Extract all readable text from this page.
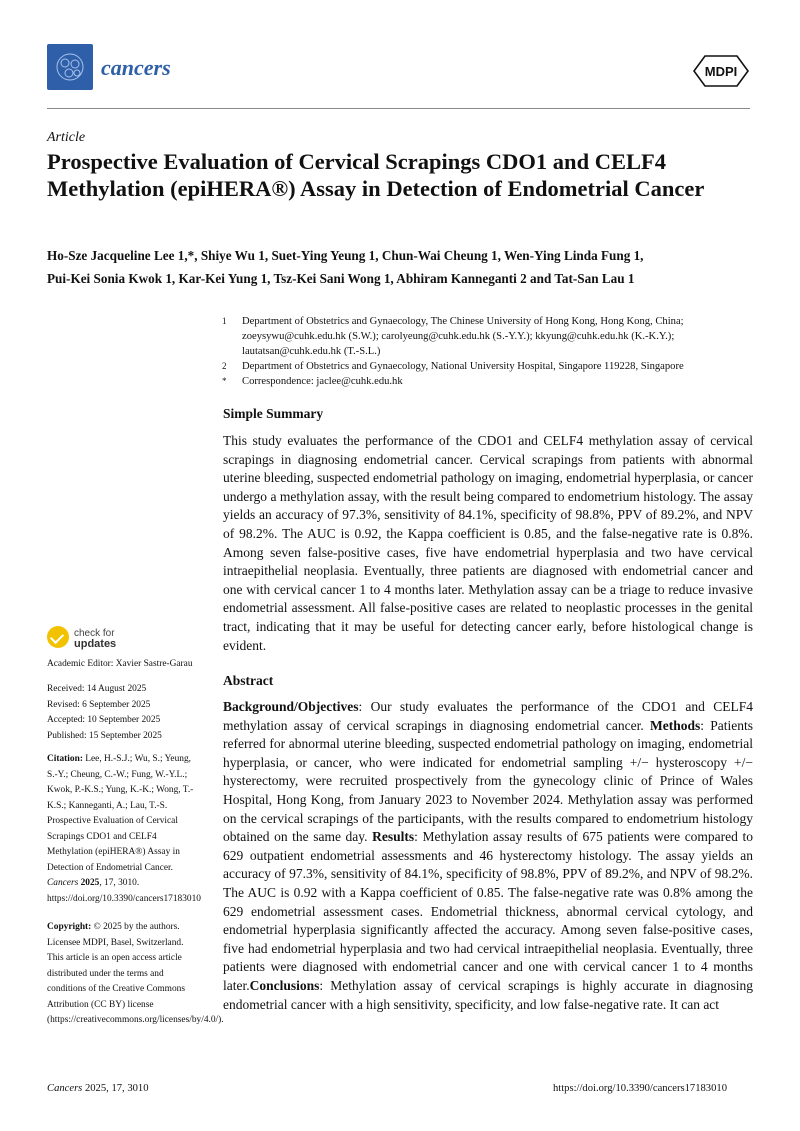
cancers	MDPI
Article
Prospective Evaluation of Cervical Scrapings CDO1 and CELF4 Methylation (epiHERA®) Assay in Detection of Endometrial Cancer
Ho-Sze Jacqueline Lee 1,*, Shiye Wu 1, Suet-Ying Yeung 1, Chun-Wai Cheung 1, Wen-Ying Linda Fung 1,
Pui-Kei Sonia Kwok 1, Kar-Kei Yung 1, Tsz-Kei Sani Wong 1, Abhiram Kanneganti 2 and Tat-San Lau 1
1	Department of Obstetrics and Gynaecology, The Chinese University of Hong Kong, Hong Kong, China;
zoeysywu@cuhk.edu.hk (S.W.); carolyeung@cuhk.edu.hk (S.-Y.Y.); kkyung@cuhk.edu.hk (K.-K.Y.);
lautatsan@cuhk.edu.hk (T.-S.L.)
2	Department of Obstetrics and Gynaecology, National University Hospital, Singapore 119228, Singapore
*	Correspondence: jaclee@cuhk.edu.hk
Simple Summary
This study evaluates the performance of the CDO1 and CELF4 methylation assay of cervical scrapings in diagnosing endometrial cancer. Cervical scrapings from patients with abnormal uterine bleeding, suspected endometrial pathology on imaging, endometrial hyperplasia, or cancer undergo a methylation assay, with the result being compared to endometrium histology. The assay yields an accuracy of 97.3%, sensitivity of 84.1%, specificity of 98.8%, PPV of 89.2%, and NPV of 98.2%. The AUC is 0.92, the Kappa coefficient is 0.85, and the false-negative rate is 0.8%. Among seven false-positive cases, five have endometrial hyperplasia and two have cervical intraepithelial neoplasia. Eventually, three patients are diagnosed with endometrial cancer and one with cervical cancer 1 to 4 months later. Methylation assay can be a triage to reduce invasive endometrial assessment. All false-positive cases are related to neoplastic processes in the genital tract, indicating that it may be useful for detecting cancer early, before histological change is evident.
Abstract
Background/Objectives: Our study evaluates the performance of the CDO1 and CELF4 methylation assay of cervical scrapings in diagnosing endometrial cancer. Methods: Patients referred for abnormal uterine bleeding, suspected endometrial pathology on imaging, endometrial hyperplasia, or cancer, who were indicated for endometrial sampling +/− hysteroscopy +/− hysterectomy, were recruited prospectively from the gynecology clinic of Prince of Wales Hospital, Hong Kong, from January 2023 to November 2024. Methylation assay was performed on the cervical scrapings of the participants, with the results compared to endometrium histology obtained on the same day. Results: Methylation assay results of 675 patients were compared to 629 outpatient endometrial assessments and 46 hysterectomy histology. The assay yields an accuracy of 97.3%, sensitivity of 84.1%, specificity of 98.8%, PPV of 89.2%, and NPV of 98.2%. The AUC is 0.92 with a Kappa coefficient of 0.85. The false-negative rate was 0.8% among the 629 endometrial assessment cases. Endometrial thickness, abnormal cervical cytology, and endometrial hyperplasia significantly affected the accuracy. Among seven false-positive cases, five had endometrial hyperplasia and two had cervical intraepithelial neoplasia. Eventually, three patients were diagnosed with endometrial cancer and one with cervical cancer 1 to 4 months later.Conclusions: Methylation assay of cervical scrapings is highly accurate in diagnosing endometrial cancer with a high sensitivity, specificity, and low false-negative rate. It can act
check for
updates
Academic Editor: Xavier Sastre-Garau
Received: 14 August 2025
Revised: 6 September 2025
Accepted: 10 September 2025
Published: 15 September 2025
Citation: Lee, H.-S.J.; Wu, S.; Yeung, S.-Y.; Cheung, C.-W.; Fung, W.-Y.L.; Kwok, P.-K.S.; Yung, K.-K.; Wong, T.-K.S.; Kanneganti, A.; Lau, T.-S. Prospective Evaluation of Cervical Scrapings CDO1 and CELF4 Methylation (epiHERA®) Assay in Detection of Endometrial Cancer. Cancers 2025, 17, 3010. https://doi.org/10.3390/cancers17183010
Copyright: © 2025 by the authors. Licensee MDPI, Basel, Switzerland. This article is an open access article distributed under the terms and conditions of the Creative Commons Attribution (CC BY) license (https://creativecommons.org/licenses/by/4.0/).
Cancers 2025, 17, 3010	https://doi.org/10.3390/cancers17183010
